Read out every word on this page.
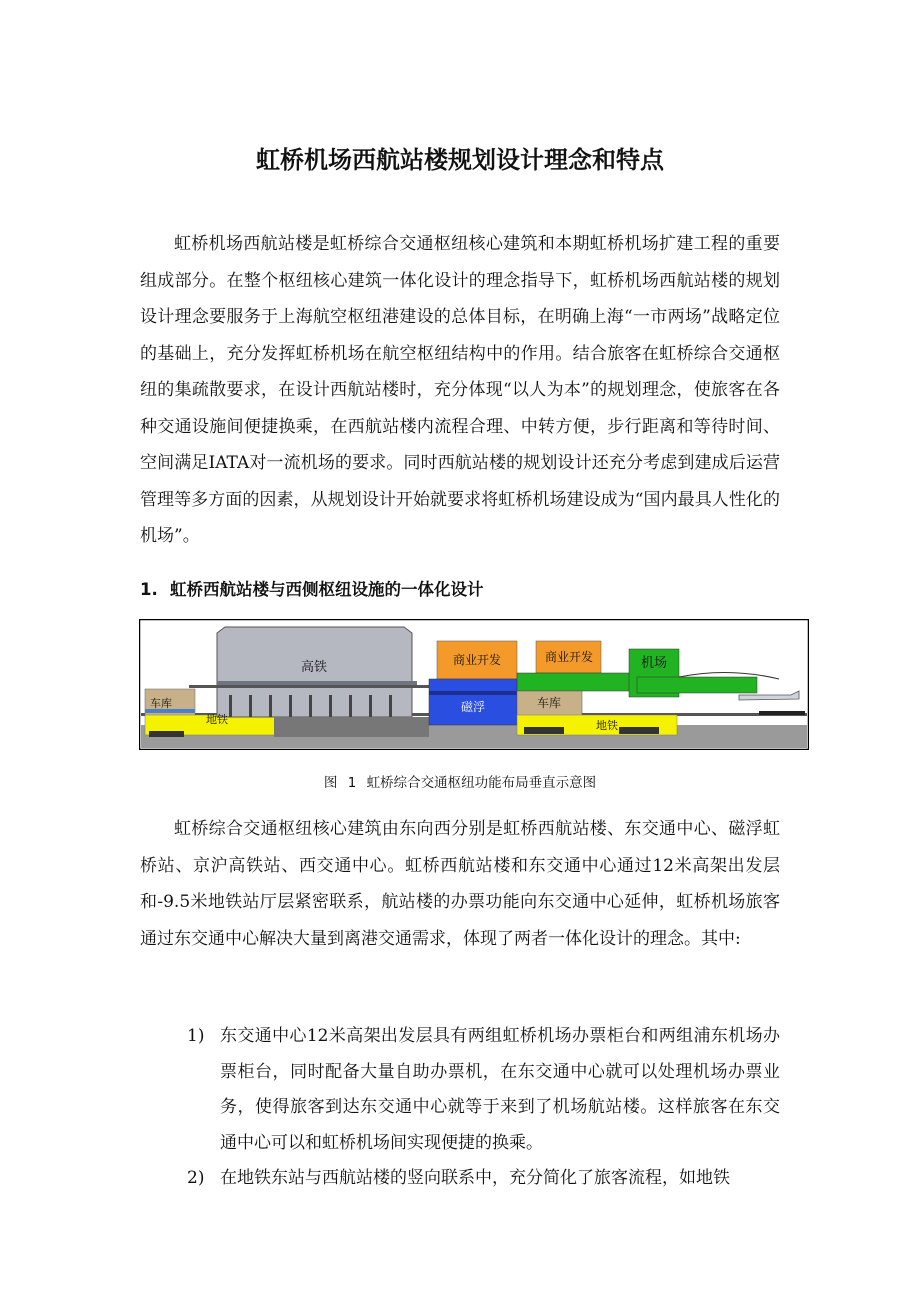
虹桥机场西航站楼规划设计理念和特点

虹桥机场西航站楼是虹桥综合交通枢纽核心建筑和本期虹桥机场扩建工程的重要组成部分。在整个枢纽核心建筑一体化设计的理念指导下，虹桥机场西航站楼的规划设计理念要服务于上海航空枢纽港建设的总体目标，在明确上海“一市两场”战略定位的基础上，充分发挥虹桥机场在航空枢纽结构中的作用。结合旅客在虹桥综合交通枢纽的集疏散要求，在设计西航站楼时，充分体现“以人为本”的规划理念，使旅客在各种交通设施间便捷换乘，在西航站楼内流程合理、中转方便，步行距离和等待时间、空间满足IATA对一流机场的要求。同时西航站楼的规划设计还充分考虑到建成后运营管理等多方面的因素，从规划设计开始就要求将虹桥机场建设成为“国内最具人性化的机场”。

1. 虹桥西航站楼与西侧枢纽设施的一体化设计
高铁	商业开发	商业开发	机场
磁浮
车库	车库
地铁	地铁
图 1 虹桥综合交通枢纽功能布局垂直示意图

虹桥综合交通枢纽核心建筑由东向西分别是虹桥西航站楼、东交通中心、磁浮虹桥站、京沪高铁站、西交通中心。虹桥西航站楼和东交通中心通过12米高架出发层和-9.5米地铁站厅层紧密联系，航站楼的办票功能向东交通中心延伸，虹桥机场旅客通过东交通中心解决大量到离港交通需求，体现了两者一体化设计的理念。其中:

1) 东交通中心12米高架出发层具有两组虹桥机场办票柜台和两组浦东机场办票柜台，同时配备大量自助办票机，在东交通中心就可以处理机场办票业务，使得旅客到达东交通中心就等于来到了机场航站楼。这样旅客在东交通中心可以和虹桥机场间实现便捷的换乘。
2) 在地铁东站与西航站楼的竖向联系中，充分简化了旅客流程，如地铁
